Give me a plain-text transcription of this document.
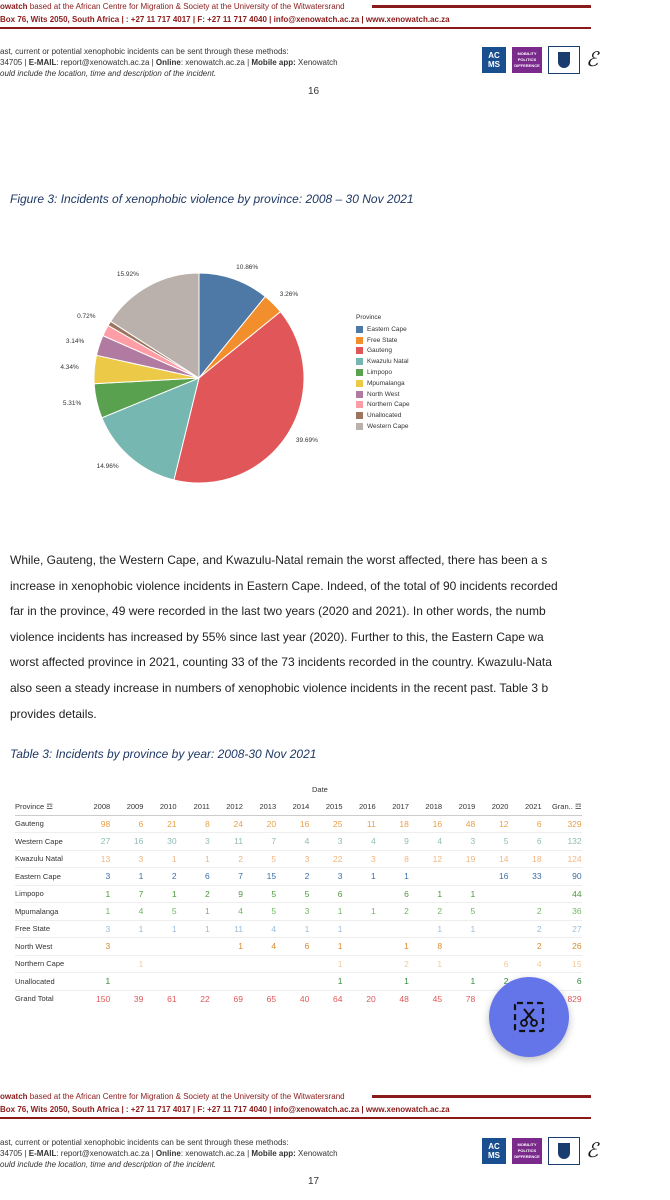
owatch based at the African Centre for Migration & Society at the University of the Witwatersrand
Box 76, Wits 2050, South Africa | : +27 11 717 4017 | F: +27 11 717 4040 | info@xenowatch.ac.za | www.xenowatch.ac.za
ast, current or potential xenophobic incidents can be sent through these methods:
34705 | E-MAIL: report@xenowatch.ac.za | Online: xenowatch.ac.za | Mobile app: Xenowatch
ould include the location, time and description of the incident.
AC
MS
MOBILITY
POLITICS
DIFFERENCE ℰ
16
Figure 3: Incidents of xenophobic violence by province: 2008 – 30 Nov 2021
10.86%
3.26%
39.69%
14.96%
5.31%
4.34%
3.14%
0.72%
15.92%
Province
Eastern Cape
Free State
Gauteng
Kwazulu Natal
Limpopo
Mpumalanga
North West
Northern Cape
Unallocated
Western Cape
While, Gauteng, the Western Cape, and Kwazulu-Natal remain the worst affected, there has been a s
increase in xenophobic violence incidents in Eastern Cape. Indeed, of the total of 90 incidents recorded
far in the province, 49 were recorded in the last two years (2020 and 2021). In other words, the numb
violence incidents has increased by 55% since last year (2020). Further to this, the Eastern Cape wa
worst affected province in 2021, counting 33 of the 73 incidents recorded in the country. Kwazulu-Nata
also seen a steady increase in numbers of xenophobic violence incidents in the recent past. Table 3 b
provides details.
Table 3: Incidents by province by year: 2008-30 Nov 2021
Date
Province ☲	2008	2009	2010	2011	2012	2013	2014	2015	2016	2017	2018	2019	2020	2021	Gran.. ☲
Gauteng	98	6	21	8	24	20	16	25	11	18	16	48	12	6	329
Western Cape	27	16	30	3	11	7	4	3	4	9	4	3	5	6	132
Kwazulu Natal	13	3	1	1	2	5	3	22	3	8	12	19	14	18	124
Eastern Cape	3	1	2	6	7	15	2	3	1	1			16	33	90
Limpopo	1	7	1	2	9	5	5	6		6	1	1			44
Mpumalanga	1	4	5	1	4	5	3	1	1	2	2	5		2	36
Free State	3	1	1	1	11	4	1	1			1	1		2	27
North West	3				1	4	6	1		1	8			2	26
Northern Cape		1						1		2	1		6	4	15
Unallocated	1							1		1		1	2		6
Grand Total	150	39	61	22	69	65	40	64	20	48	45	78			829
owatch based at the African Centre for Migration & Society at the University of the Witwatersrand
Box 76, Wits 2050, South Africa | : +27 11 717 4017 | F: +27 11 717 4040 | info@xenowatch.ac.za | www.xenowatch.ac.za
ast, current or potential xenophobic incidents can be sent through these methods:
34705 | E-MAIL: report@xenowatch.ac.za | Online: xenowatch.ac.za | Mobile app: Xenowatch
ould include the location, time and description of the incident.
AC
MS
MOBILITY
POLITICS
DIFFERENCE ℰ
17
